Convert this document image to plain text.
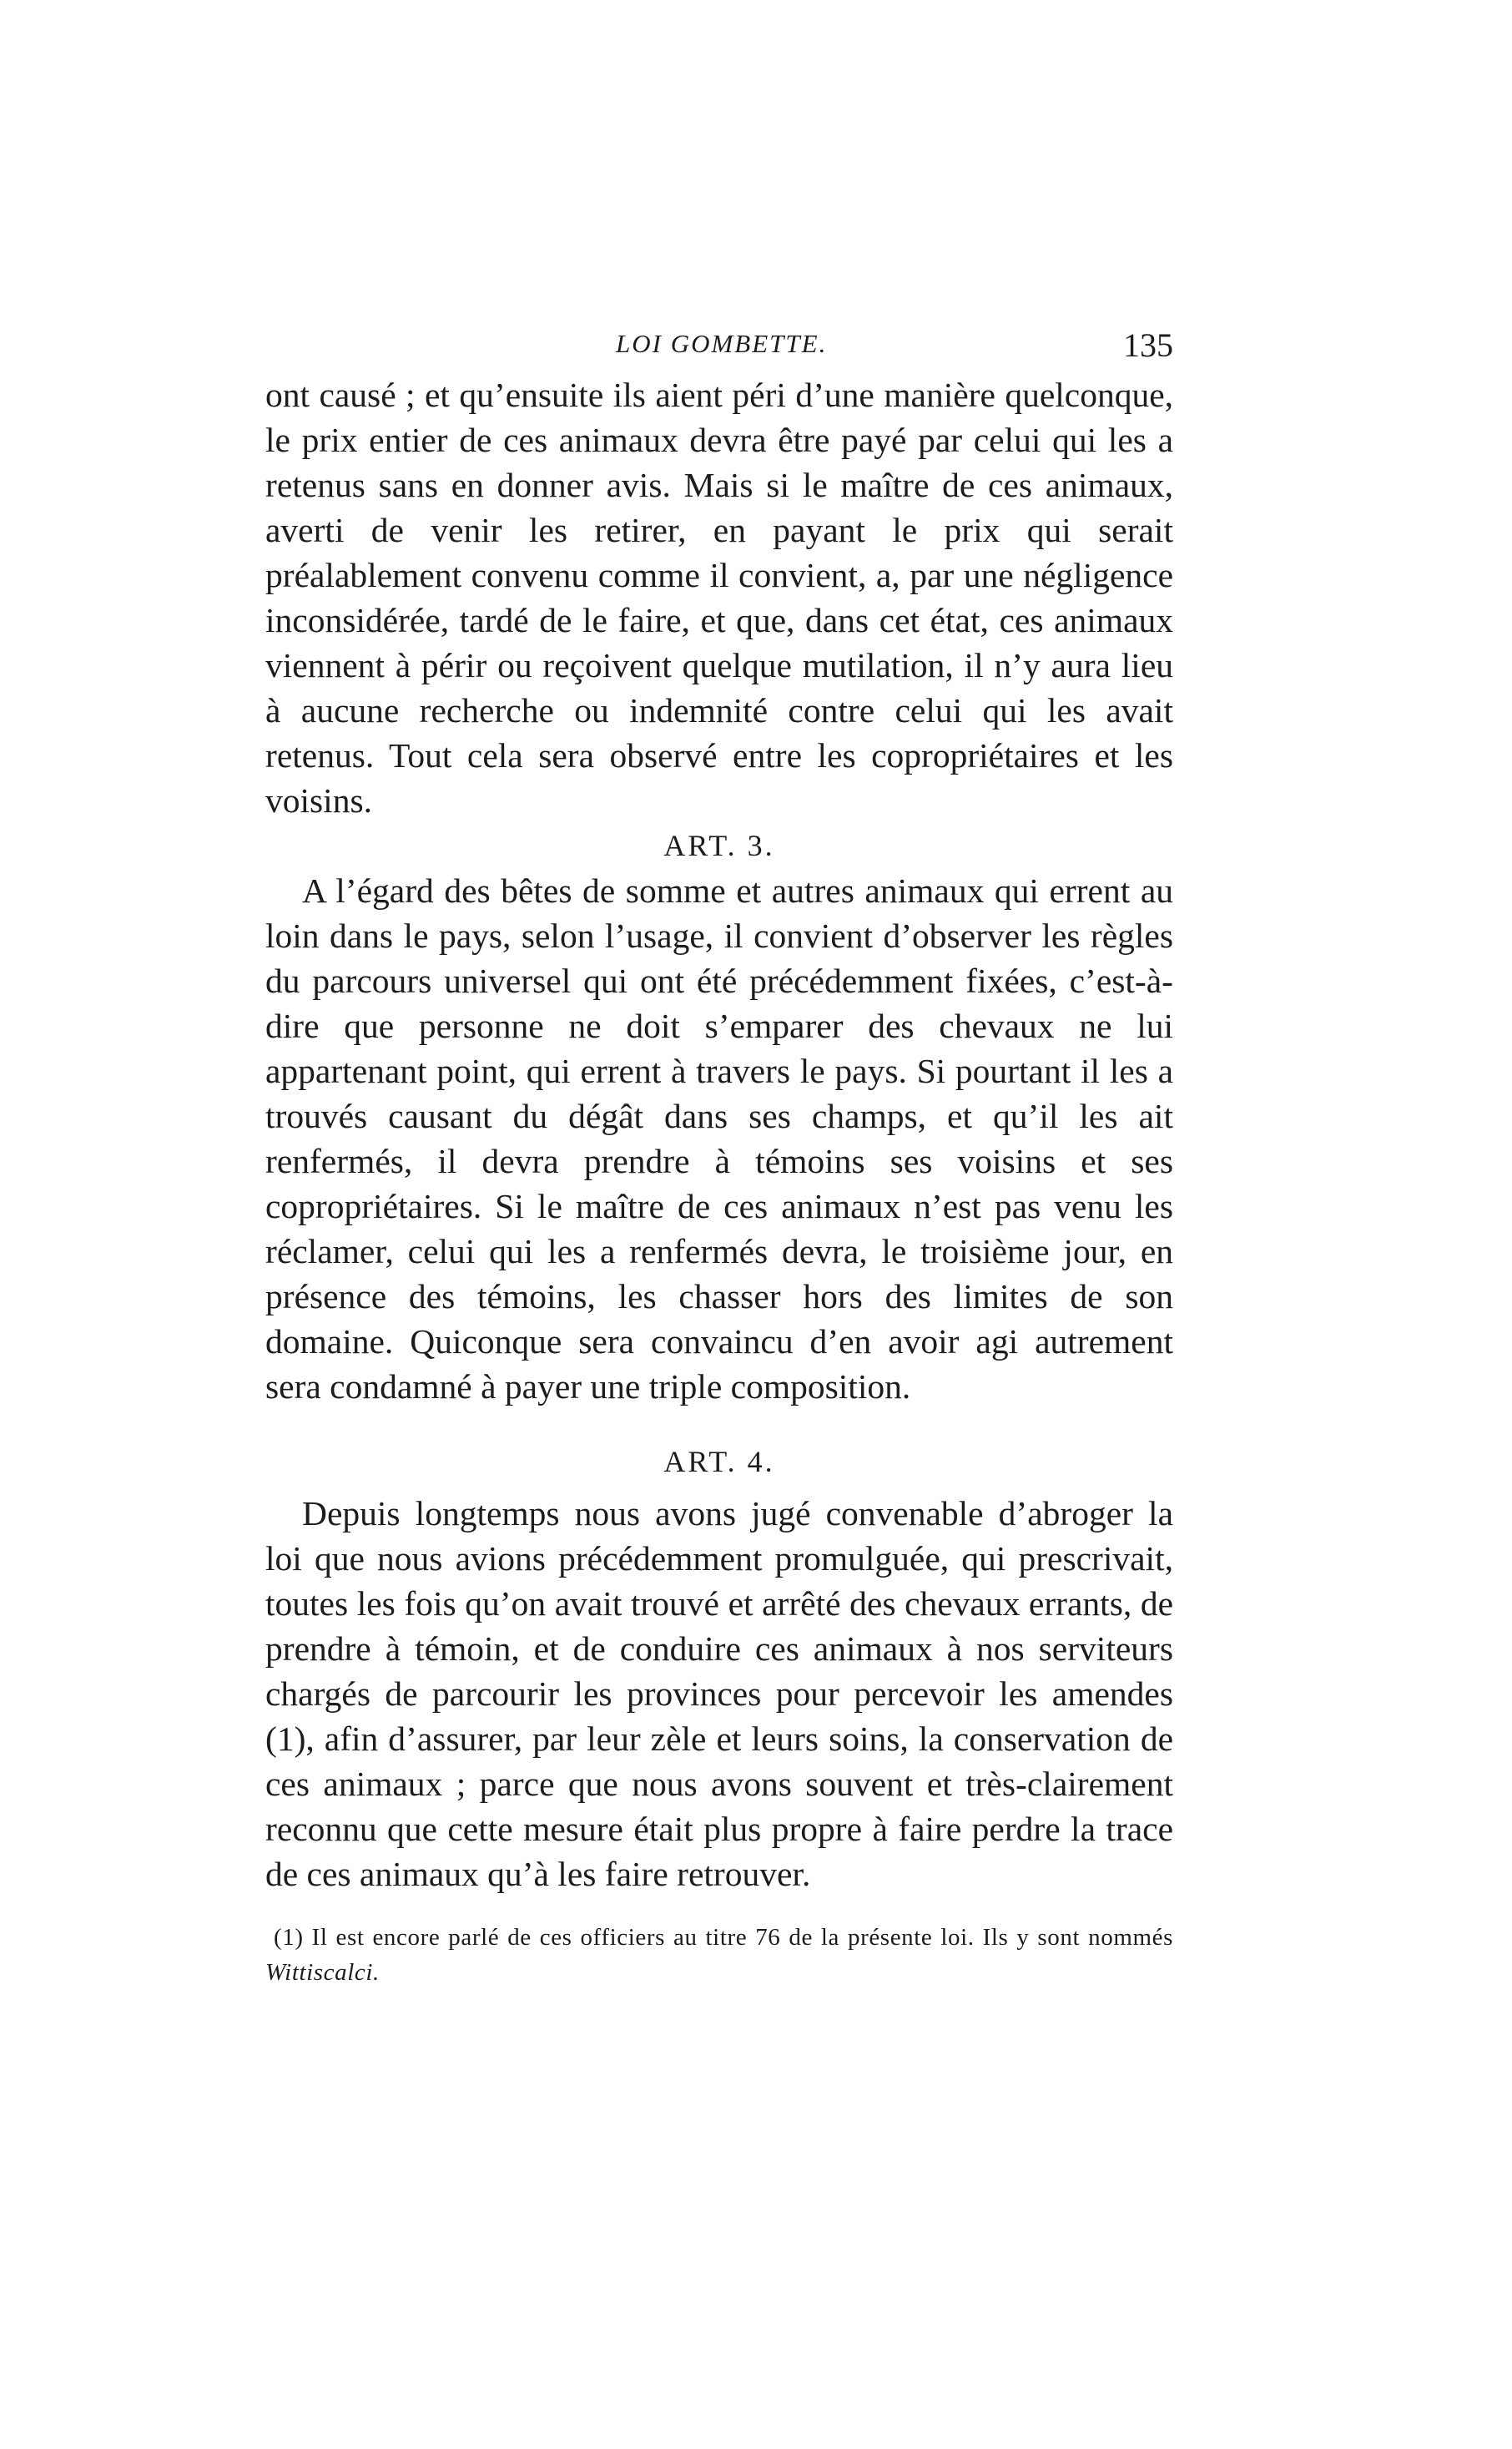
LOI GOMBETTE.	135

ont causé ; et qu’ensuite ils aient péri d’une manière quelconque, le prix entier de ces animaux devra être payé par celui qui les a retenus sans en donner avis. Mais si le maître de ces animaux, averti de venir les retirer, en payant le prix qui serait préalablement convenu comme il convient, a, par une négligence inconsidérée, tardé de le faire, et que, dans cet état, ces animaux viennent à périr ou reçoivent quelque mutilation, il n’y aura lieu à aucune recherche ou indemnité contre celui qui les avait retenus. Tout cela sera observé entre les copropriétaires et les voisins.

ART. 3.

A l’égard des bêtes de somme et autres animaux qui errent au loin dans le pays, selon l’usage, il convient d’observer les règles du parcours universel qui ont été précédemment fixées, c’est-à-dire que personne ne doit s’emparer des chevaux ne lui appartenant point, qui errent à travers le pays. Si pourtant il les a trouvés causant du dégât dans ses champs, et qu’il les ait renfermés, il devra prendre à témoins ses voisins et ses copropriétaires. Si le maître de ces animaux n’est pas venu les réclamer, celui qui les a renfermés devra, le troisième jour, en présence des témoins, les chasser hors des limites de son domaine. Quiconque sera convaincu d’en avoir agi autrement sera condamné à payer une triple composition.

ART. 4.

Depuis longtemps nous avons jugé convenable d’abroger la loi que nous avions précédemment promulguée, qui prescrivait, toutes les fois qu’on avait trouvé et arrêté des chevaux errants, de prendre à témoin, et de conduire ces animaux à nos serviteurs chargés de parcourir les provinces pour percevoir les amendes (1), afin d’assurer, par leur zèle et leurs soins, la conservation de ces animaux ; parce que nous avons souvent et très-clairement reconnu que cette mesure était plus propre à faire perdre la trace de ces animaux qu’à les faire retrouver.

(1) Il est encore parlé de ces officiers au titre 76 de la présente loi. Ils y sont nommés Wittiscalci.
